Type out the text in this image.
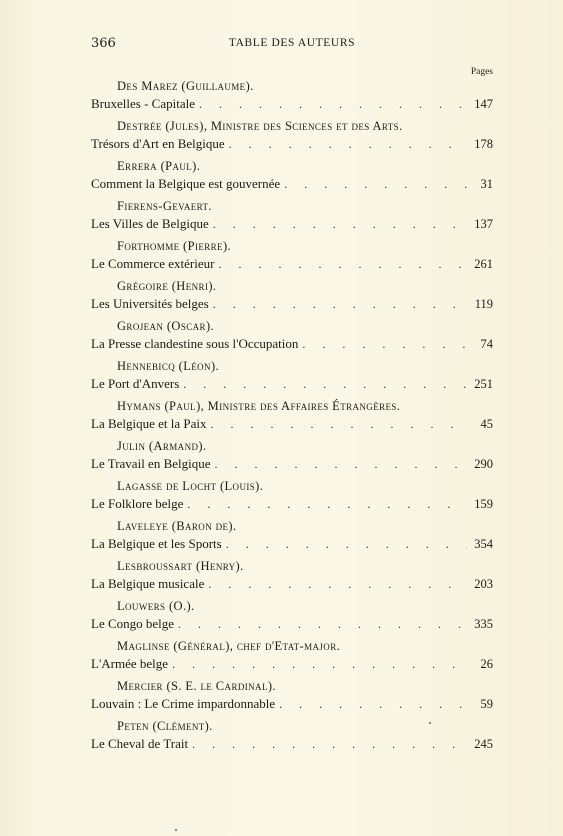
366	TABLE DES AUTEURS
Pages
Des Marez (Guillaume).
Bruxelles - Capitale . . .	147
Destrée (Jules), Ministre des Sciences et des Arts.
Trésors d'Art en Belgique . . .	178
Errera (Paul).
Comment la Belgique est gouvernée . . .	31
Fierens-Gevaert.
Les Villes de Belgique . . .	137
Forthomme (Pierre).
Le Commerce extérieur . . .	261
Grégoire (Henri).
Les Universités belges . . .	119
Grojean (Oscar).
La Presse clandestine sous l'Occupation . . .	74
Hennebicq (Léon).
Le Port d'Anvers . . .	251
Hymans (Paul), Ministre des Affaires Étrangères.
La Belgique et la Paix . . .	45
Julin (Armand).
Le Travail en Belgique . . .	290
Lagasse de Locht (Louis).
Le Folklore belge . . .	159
Laveleye (Baron de).
La Belgique et les Sports . . .	354
Lesbroussart (Henry).
La Belgique musicale . . .	203
Louwers (O.).
Le Congo belge . . .	335
Maglinse (Général), chef d'Etat-major.
L'Armée belge . . .	26
Mercier (S. E. le Cardinal).
Louvain : Le Crime impardonnable . . .	59
Peten (Clément).
Le Cheval de Trait . . .	245
